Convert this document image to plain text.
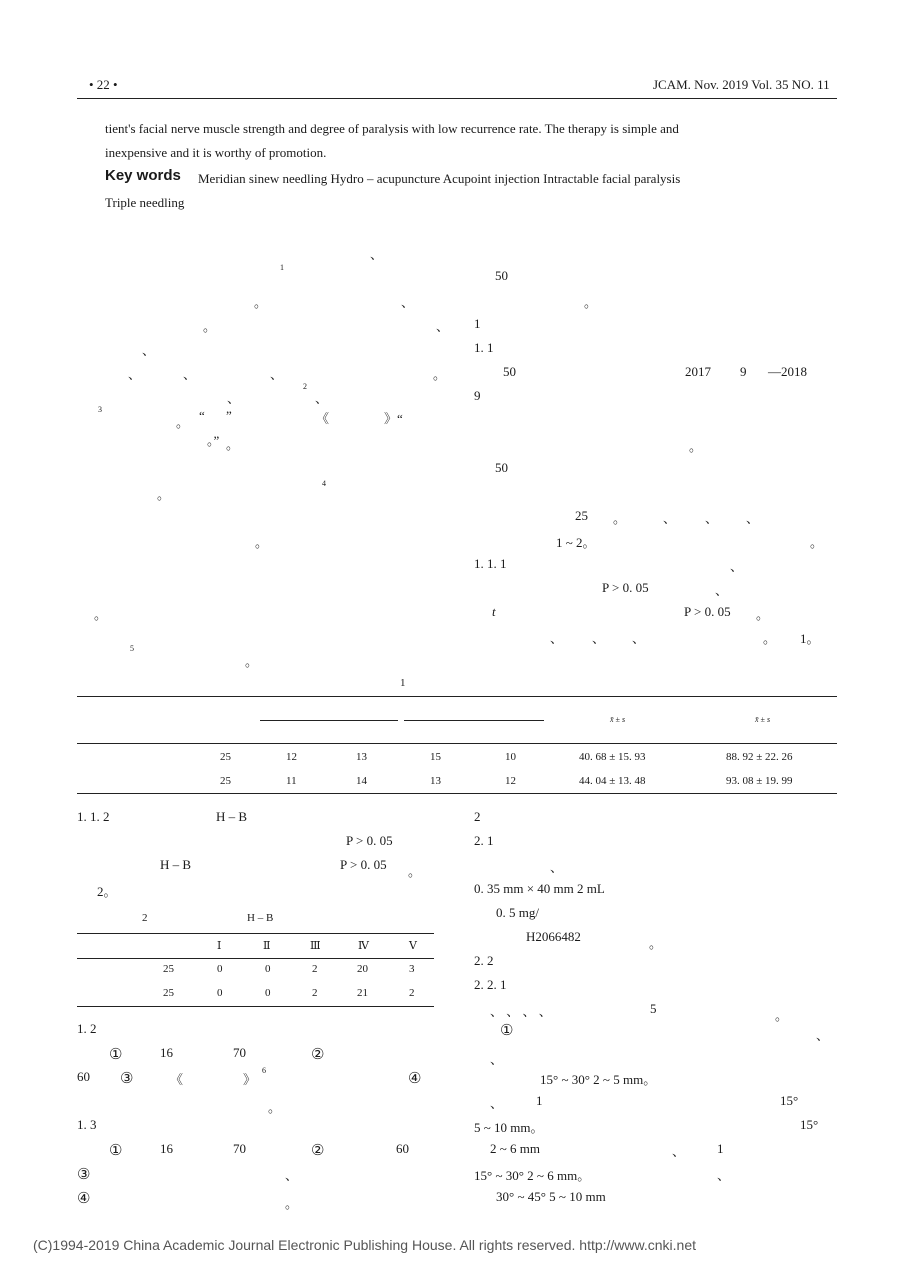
• 22 •	JCAM. Nov. 2019 Vol. 35 NO. 11
tient's facial nerve muscle strength and degree of paralysis with low recurrence rate. The therapy is simple and
inexpensive and it is worthy of promotion.
Key words Meridian sinew needling Hydro – acupuncture Acupoint injection Intractable facial paralysis
Triple needling
、
1
。	、
。	、
、
、	、	、
、
。
、
2
3
。 “ ”	《	》“
。” 。
4
。
。
。
5
。
50
。
1
1. 1
50	2017 9 —2018
9
。
50
25 。	、 、 、
1 ~ 2。	。
1. 1. 1	、
P > 0. 05	、
t	P > 0. 05 。
、 、 、	。 1。
1
x̄ ± s	x̄ ± s
25	12	13	15	10	40. 68 ± 15. 93	88. 92 ± 22. 26
25	11	14	13	12	44. 04 ± 13. 48	93. 08 ± 19. 99
1. 1. 2	H – B
P > 0. 05
H – B	P > 0. 05 。
2。
2	H – B
Ⅰ	Ⅱ	Ⅲ	Ⅳ	Ⅴ
25	0	0	2	20	3
25	0	0	2	21	2
1. 2
①	16	70	②
60 ③	《	》
6
④
。
1. 3
①	16	70	②	60
③	、
④	。
2
2. 1
、
0. 35 mm × 40 mm 2 mL
0. 5 mg/
H2066482	。
2. 2
2. 2. 1
、 、 、 、	5	。
①	、
、
15° ~ 30° 2 ~ 5 mm。
、	1	15°
5 ~ 10 mm。	15°
2 ~ 6 mm	、 1
15° ~ 30° 2 ~ 6 mm。	、
30° ~ 45° 5 ~ 10 mm
(C)1994-2019 China Academic Journal Electronic Publishing House. All rights reserved. http://www.cnki.net
